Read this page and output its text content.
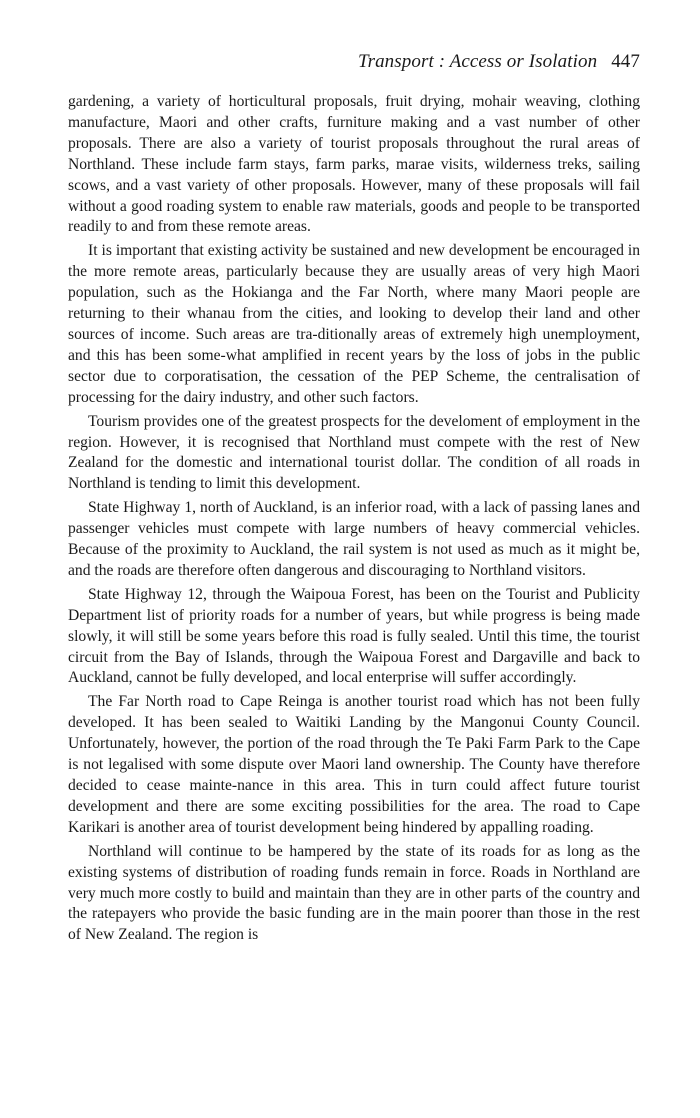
Transport : Access or Isolation 447

gardening, a variety of horticultural proposals, fruit drying, mohair weaving, clothing manufacture, Maori and other crafts, furniture making and a vast number of other proposals. There are also a variety of tourist proposals throughout the rural areas of Northland. These include farm stays, farm parks, marae visits, wilderness treks, sailing scows, and a vast variety of other proposals. However, many of these proposals will fail without a good roading system to enable raw materials, goods and people to be transported readily to and from these remote areas.

It is important that existing activity be sustained and new development be encouraged in the more remote areas, particularly because they are usually areas of very high Maori population, such as the Hokianga and the Far North, where many Maori people are returning to their whanau from the cities, and looking to develop their land and other sources of income. Such areas are tra-ditionally areas of extremely high unemployment, and this has been some-what amplified in recent years by the loss of jobs in the public sector due to corporatisation, the cessation of the PEP Scheme, the centralisation of processing for the dairy industry, and other such factors.

Tourism provides one of the greatest prospects for the develoment of employment in the region. However, it is recognised that Northland must compete with the rest of New Zealand for the domestic and international tourist dollar. The condition of all roads in Northland is tending to limit this development.

State Highway 1, north of Auckland, is an inferior road, with a lack of passing lanes and passenger vehicles must compete with large numbers of heavy commercial vehicles. Because of the proximity to Auckland, the rail system is not used as much as it might be, and the roads are therefore often dangerous and discouraging to Northland visitors.

State Highway 12, through the Waipoua Forest, has been on the Tourist and Publicity Department list of priority roads for a number of years, but while progress is being made slowly, it will still be some years before this road is fully sealed. Until this time, the tourist circuit from the Bay of Islands, through the Waipoua Forest and Dargaville and back to Auckland, cannot be fully developed, and local enterprise will suffer accordingly.

The Far North road to Cape Reinga is another tourist road which has not been fully developed. It has been sealed to Waitiki Landing by the Mangonui County Council. Unfortunately, however, the portion of the road through the Te Paki Farm Park to the Cape is not legalised with some dispute over Maori land ownership. The County have therefore decided to cease mainte-nance in this area. This in turn could affect future tourist development and there are some exciting possibilities for the area. The road to Cape Karikari is another area of tourist development being hindered by appalling roading.

Northland will continue to be hampered by the state of its roads for as long as the existing systems of distribution of roading funds remain in force. Roads in Northland are very much more costly to build and maintain than they are in other parts of the country and the ratepayers who provide the basic funding are in the main poorer than those in the rest of New Zealand. The region is
